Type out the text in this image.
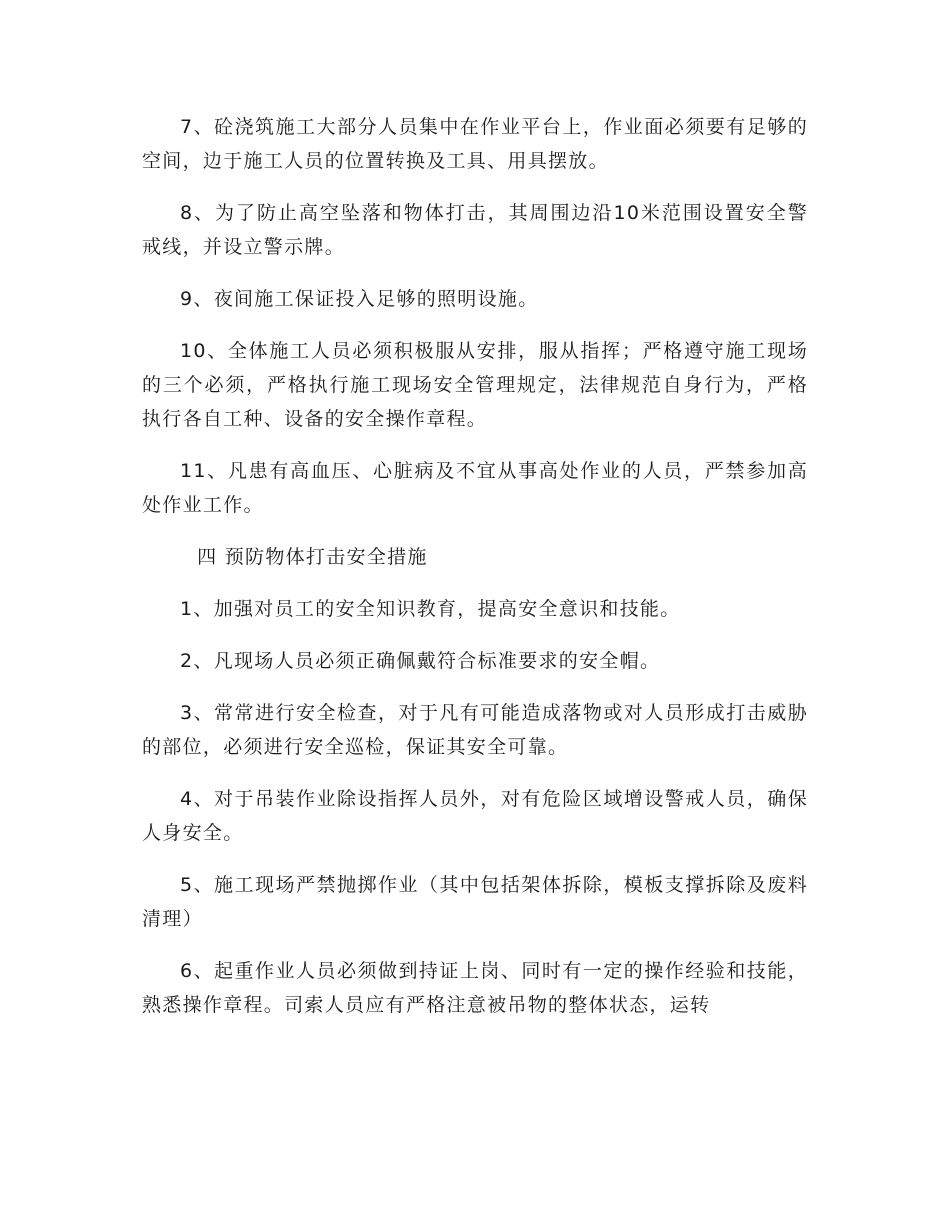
7、砼浇筑施工大部分人员集中在作业平台上，作业面必须要有足够的空间，边于施工人员的位置转换及工具、用具摆放。

8、为了防止高空坠落和物体打击，其周围边沿10米范围设置安全警戒线，并设立警示牌。

9、夜间施工保证投入足够的照明设施。

10、全体施工人员必须积极服从安排，服从指挥；严格遵守施工现场的三个必须，严格执行施工现场安全管理规定，法律规范自身行为，严格执行各自工种、设备的安全操作章程。

11、凡患有高血压、心脏病及不宜从事高处作业的人员，严禁参加高处作业工作。

四 预防物体打击安全措施

1、加强对员工的安全知识教育，提高安全意识和技能。

2、凡现场人员必须正确佩戴符合标准要求的安全帽。

3、常常进行安全检查，对于凡有可能造成落物或对人员形成打击威胁的部位，必须进行安全巡检，保证其安全可靠。

4、对于吊装作业除设指挥人员外，对有危险区域增设警戒人员，确保人身安全。

5、施工现场严禁抛掷作业（其中包括架体拆除，模板支撑拆除及废料清理）

6、起重作业人员必须做到持证上岗、同时有一定的操作经验和技能，熟悉操作章程。司索人员应有严格注意被吊物的整体状态，运转
